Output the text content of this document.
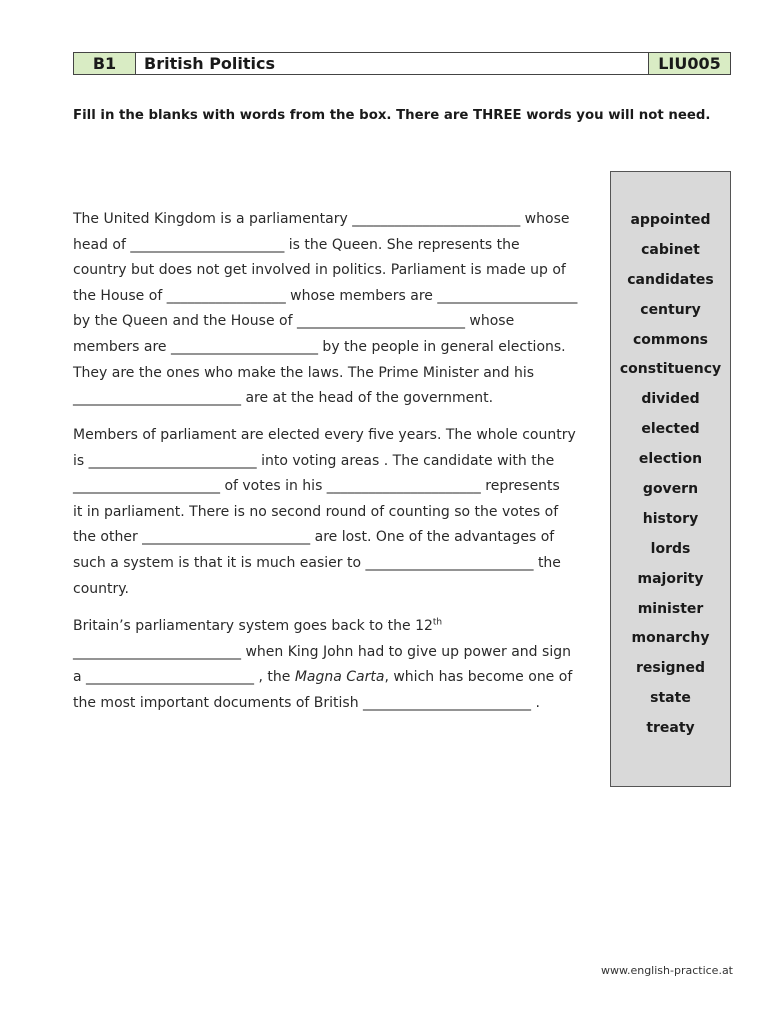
B1	British Politics	LIU005
Fill in the blanks with words from the box. There are THREE words you will not need.
The United Kingdom is a parliamentary ________________________ whose
head of ______________________ is the Queen. She represents the
country but does not get involved in politics. Parliament is made up of
the House of _________________ whose members are ____________________
by the Queen and the House of ________________________ whose
members are _____________________ by the people in general elections.
They are the ones who make the laws. The Prime Minister and his
________________________ are at the head of the government.
Members of parliament are elected every five years. The whole country
is ________________________ into voting areas . The candidate with the
_____________________ of votes in his ______________________ represents
it in parliament. There is no second round of counting so the votes of
the other ________________________ are lost. One of the advantages of
such a system is that it is much easier to ________________________ the
country.
Britain’s parliamentary system goes back to the 12th
________________________ when King John had to give up power and sign
a ________________________ , the Magna Carta, which has become one of
the most important documents of British ________________________ .
appointed
cabinet
candidates
century
commons
constituency
divided
elected
election
govern
history
lords
majority
minister
monarchy
resigned
state
treaty
www.english-practice.at
